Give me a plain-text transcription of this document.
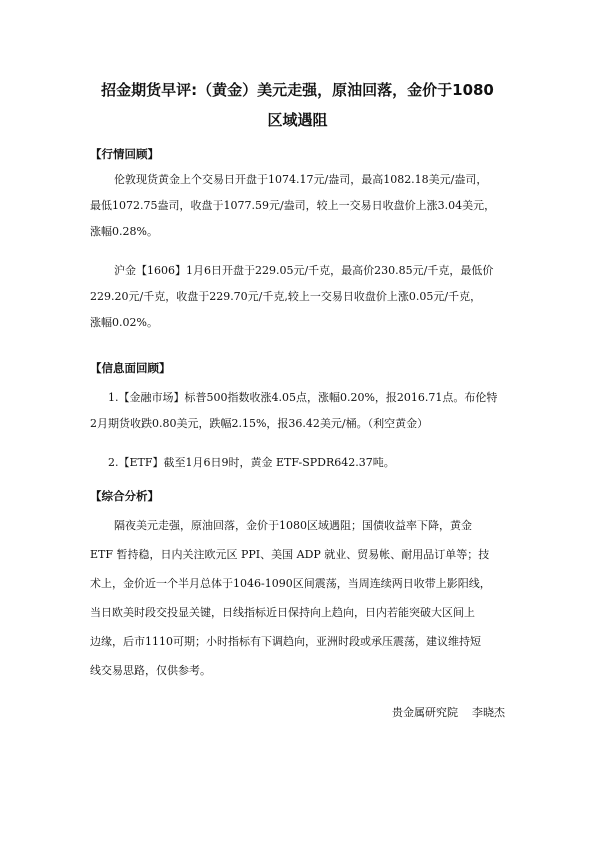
招金期货早评:（黄金）美元走强，原油回落，金价于1080
区域遇阻
【行情回顾】

伦敦现货黄金上个交易日开盘于1074.17元/盎司，最高1082.18美元/盎司，

最低1072.75盎司，收盘于1077.59元/盎司，较上一交易日收盘价上涨3.04美元，

涨幅0.28%。

沪金【1606】1月6日开盘于229.05元/千克，最高价230.85元/千克，最低价

229.20元/千克，收盘于229.70元/千克,较上一交易日收盘价上涨0.05元/千克，

涨幅0.02%。

【信息面回顾】

1.【金融市场】标普500指数收涨4.05点，涨幅0.20%，报2016.71点。布伦特

2月期货收跌0.80美元，跌幅2.15%，报36.42美元/桶。（利空黄金）

2.【ETF】截至1月6日9时，黄金 ETF-SPDR642.37吨。

【综合分析】

隔夜美元走强，原油回落，金价于1080区域遇阻；国债收益率下降，黄金

ETF 暂持稳，日内关注欧元区 PPI、美国 ADP 就业、贸易帐、耐用品订单等；技

术上，金价近一个半月总体于1046-1090区间震荡，当周连续两日收带上影阳线，

当日欧美时段交投显关键，日线指标近日保持向上趋向，日内若能突破大区间上

边缘，后市1110可期；小时指标有下调趋向，亚洲时段或承压震荡，建议维持短

线交易思路，仅供参考。

贵金属研究院    李晓杰
